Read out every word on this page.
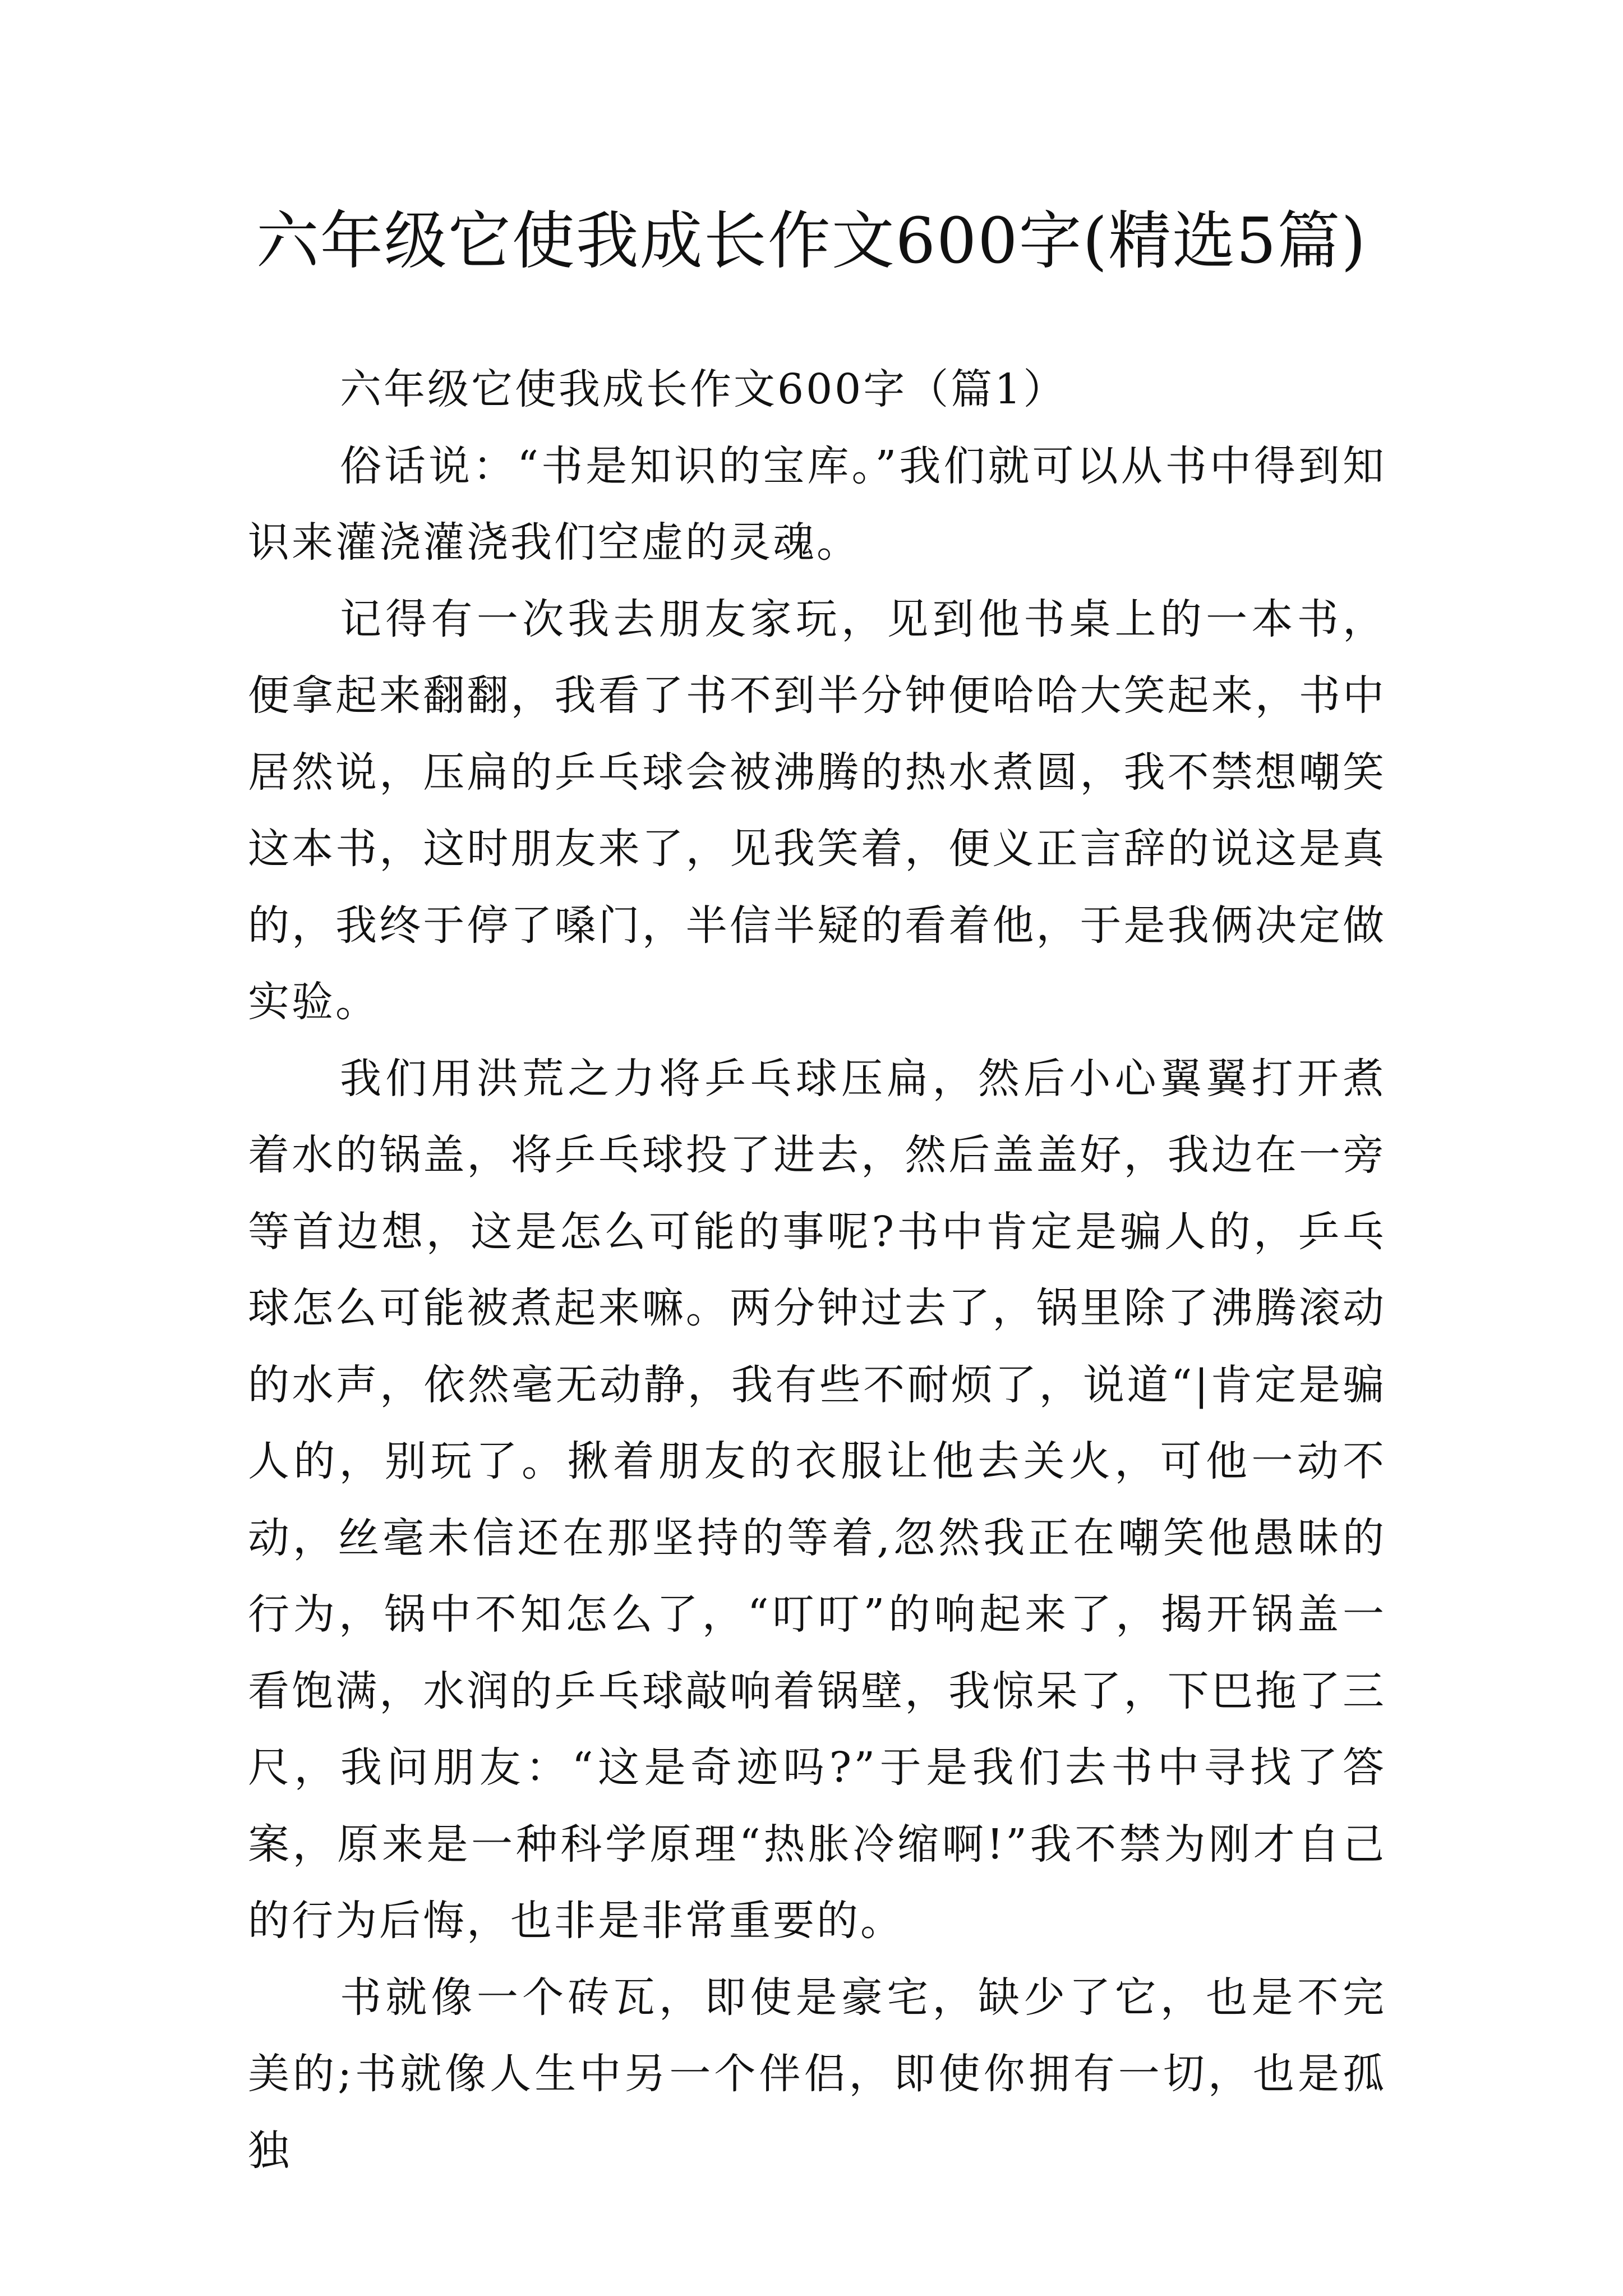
六年级它使我成长作文600字(精选5篇)

六年级它使我成长作文600字（篇1）

俗话说：“书是知识的宝库。”我们就可以从书中得到知识来灌浇灌浇我们空虚的灵魂。

记得有一次我去朋友家玩，见到他书桌上的一本书，便拿起来翻翻，我看了书不到半分钟便哈哈大笑起来，书中居然说，压扁的乒乓球会被沸腾的热水煮圆，我不禁想嘲笑这本书，这时朋友来了，见我笑着，便义正言辞的说这是真的，我终于停了嗓门，半信半疑的看着他，于是我俩决定做实验。

我们用洪荒之力将乒乓球压扁，然后小心翼翼打开煮着水的锅盖，将乒乓球投了进去，然后盖盖好，我边在一旁等首边想，这是怎么可能的事呢?书中肯定是骗人的，乒乓球怎么可能被煮起来嘛。两分钟过去了，锅里除了沸腾滚动的水声，依然毫无动静，我有些不耐烦了，说道“|肯定是骗人的，别玩了。揪着朋友的衣服让他去关火，可他一动不动，丝毫未信还在那坚持的等着,忽然我正在嘲笑他愚昧的行为，锅中不知怎么了，“叮叮”的响起来了，揭开锅盖一看饱满，水润的乒乓球敲响着锅壁，我惊呆了，下巴拖了三尺，我问朋友：“这是奇迹吗?”于是我们去书中寻找了答案，原来是一种科学原理“热胀冷缩啊!”我不禁为刚才自己的行为后悔，也非是非常重要的。

书就像一个砖瓦，即使是豪宅，缺少了它，也是不完美的;书就像人生中另一个伴侣，即使你拥有一切，也是孤独
